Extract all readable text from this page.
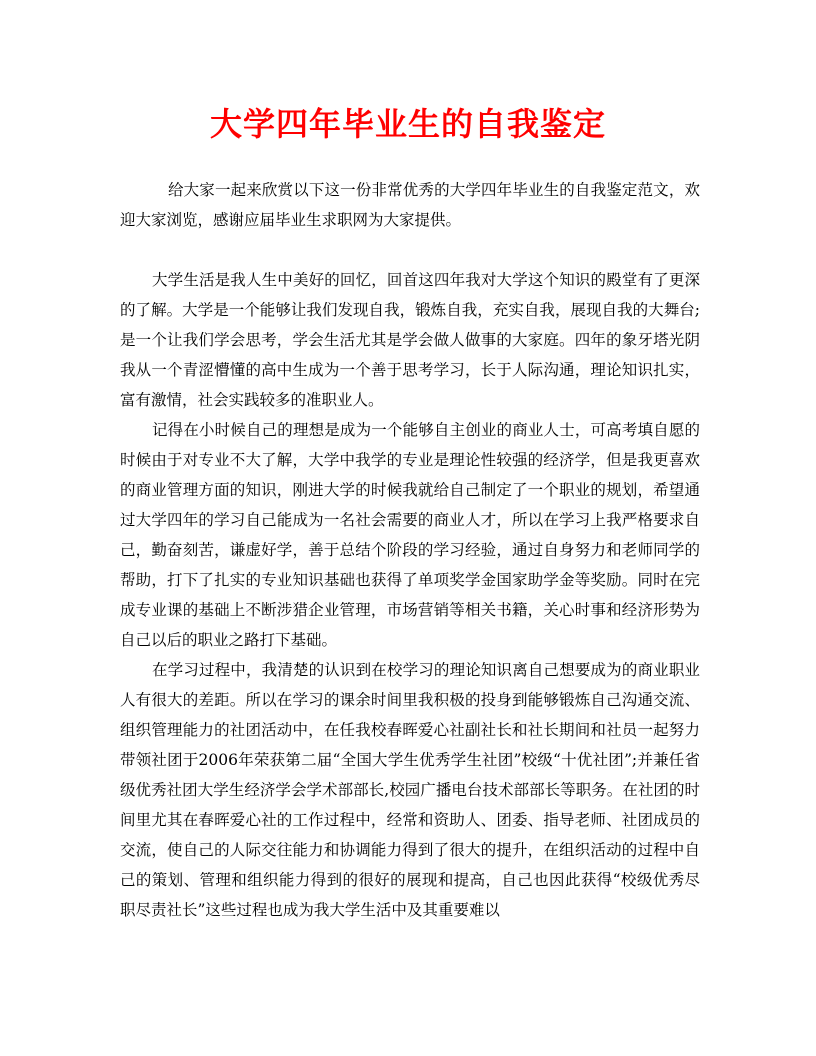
大学四年毕业生的自我鉴定

给大家一起来欣赏以下这一份非常优秀的大学四年毕业生的自我鉴定范文，欢迎大家浏览，感谢应届毕业生求职网为大家提供。

大学生活是我人生中美好的回忆，回首这四年我对大学这个知识的殿堂有了更深的了解。大学是一个能够让我们发现自我，锻炼自我，充实自我，展现自我的大舞台;是一个让我们学会思考，学会生活尤其是学会做人做事的大家庭。四年的象牙塔光阴我从一个青涩懵懂的高中生成为一个善于思考学习，长于人际沟通，理论知识扎实，富有激情，社会实践较多的准职业人。

记得在小时候自己的理想是成为一个能够自主创业的商业人士，可高考填自愿的时候由于对专业不大了解，大学中我学的专业是理论性较强的经济学，但是我更喜欢的商业管理方面的知识，刚进大学的时候我就给自己制定了一个职业的规划，希望通过大学四年的学习自己能成为一名社会需要的商业人才，所以在学习上我严格要求自己，勤奋刻苦，谦虚好学，善于总结个阶段的学习经验，通过自身努力和老师同学的帮助，打下了扎实的专业知识基础也获得了单项奖学金国家助学金等奖励。同时在完成专业课的基础上不断涉猎企业管理，市场营销等相关书籍，关心时事和经济形势为自己以后的职业之路打下基础。

在学习过程中，我清楚的认识到在校学习的理论知识离自己想要成为的商业职业人有很大的差距。所以在学习的课余时间里我积极的投身到能够锻炼自己沟通交流、组织管理能力的社团活动中，在任我校春晖爱心社副社长和社长期间和社员一起努力带领社团于2006年荣获第二届“全国大学生优秀学生社团”校级“十优社团”;并兼任省级优秀社团大学生经济学会学术部部长,校园广播电台技术部部长等职务。在社团的时间里尤其在春晖爱心社的工作过程中，经常和资助人、团委、指导老师、社团成员的交流，使自己的人际交往能力和协调能力得到了很大的提升，在组织活动的过程中自己的策划、管理和组织能力得到的很好的展现和提高，自己也因此获得“校级优秀尽职尽责社长”这些过程也成为我大学生活中及其重要难以
